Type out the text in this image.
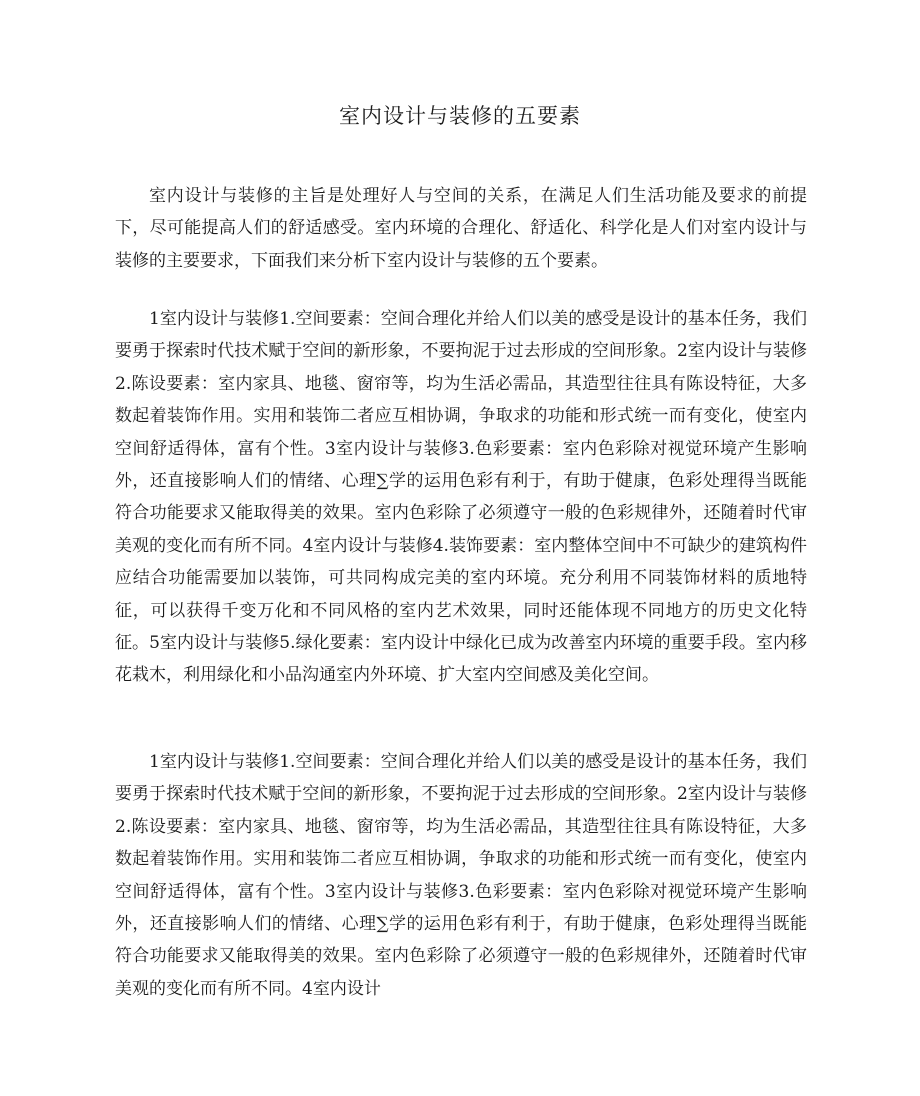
室内设计与装修的五要素

室内设计与装修的主旨是处理好人与空间的关系，在满足人们生活功能及要求的前提下，尽可能提高人们的舒适感受。室内环境的合理化、舒适化、科学化是人们对室内设计与装修的主要要求，下面我们来分析下室内设计与装修的五个要素。

1室内设计与装修1.空间要素：空间合理化并给人们以美的感受是设计的基本任务，我们要勇于探索时代技术赋于空间的新形象，不要拘泥于过去形成的空间形象。2室内设计与装修2.陈设要素：室内家具、地毯、窗帘等，均为生活必需品，其造型往往具有陈设特征，大多数起着装饰作用。实用和装饰二者应互相协调，争取求的功能和形式统一而有变化，使室内空间舒适得体，富有个性。3室内设计与装修3.色彩要素：室内色彩除对视觉环境产生影响外，还直接影响人们的情绪、心理∑学的运用色彩有利于，有助于健康，色彩处理得当既能符合功能要求又能取得美的效果。室内色彩除了必须遵守一般的色彩规律外，还随着时代审美观的变化而有所不同。4室内设计与装修4.装饰要素：室内整体空间中不可缺少的建筑构件应结合功能需要加以装饰，可共同构成完美的室内环境。充分利用不同装饰材料的质地特征，可以获得千变万化和不同风格的室内艺术效果，同时还能体现不同地方的历史文化特征。5室内设计与装修5.绿化要素：室内设计中绿化已成为改善室内环境的重要手段。室内移花栽木，利用绿化和小品沟通室内外环境、扩大室内空间感及美化空间。

1室内设计与装修1.空间要素：空间合理化并给人们以美的感受是设计的基本任务，我们要勇于探索时代技术赋于空间的新形象，不要拘泥于过去形成的空间形象。2室内设计与装修2.陈设要素：室内家具、地毯、窗帘等，均为生活必需品，其造型往往具有陈设特征，大多数起着装饰作用。实用和装饰二者应互相协调，争取求的功能和形式统一而有变化，使室内空间舒适得体，富有个性。3室内设计与装修3.色彩要素：室内色彩除对视觉环境产生影响外，还直接影响人们的情绪、心理∑学的运用色彩有利于，有助于健康，色彩处理得当既能符合功能要求又能取得美的效果。室内色彩除了必须遵守一般的色彩规律外，还随着时代审美观的变化而有所不同。4室内设计
